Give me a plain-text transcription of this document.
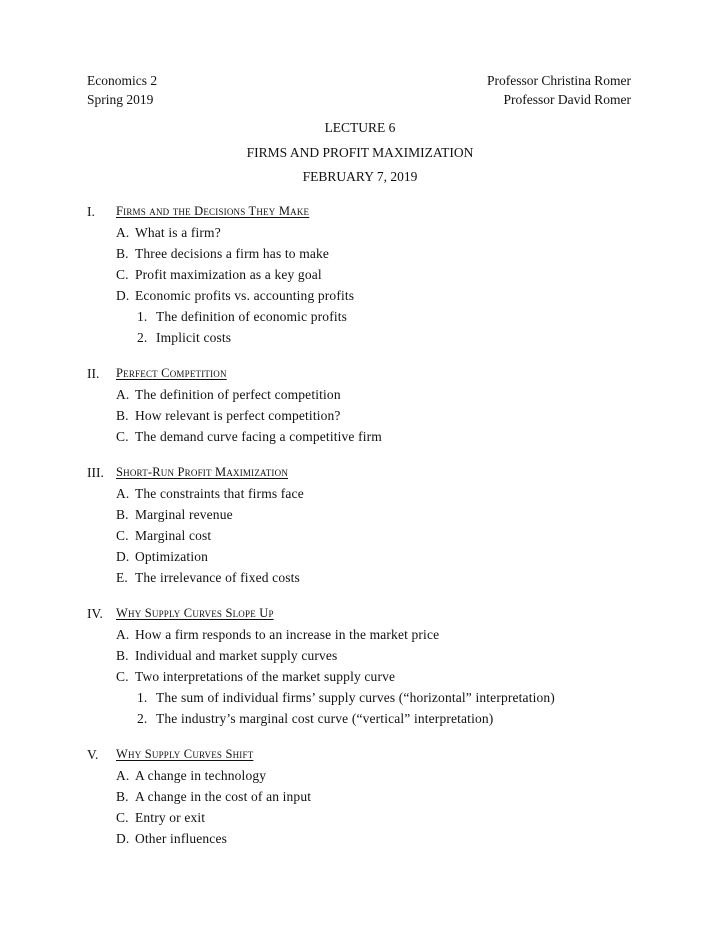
Economics 2	Professor Christina Romer
Spring 2019	Professor David Romer
LECTURE 6
FIRMS AND PROFIT MAXIMIZATION
FEBRUARY 7, 2019
I. Firms and the Decisions They Make
A. What is a firm?
B. Three decisions a firm has to make
C. Profit maximization as a key goal
D. Economic profits vs. accounting profits
1. The definition of economic profits
2. Implicit costs
II. Perfect Competition
A. The definition of perfect competition
B. How relevant is perfect competition?
C. The demand curve facing a competitive firm
III. Short-Run Profit Maximization
A. The constraints that firms face
B. Marginal revenue
C. Marginal cost
D. Optimization
E. The irrelevance of fixed costs
IV. Why Supply Curves Slope Up
A. How a firm responds to an increase in the market price
B. Individual and market supply curves
C. Two interpretations of the market supply curve
1. The sum of individual firms’ supply curves (“horizontal” interpretation)
2. The industry’s marginal cost curve (“vertical” interpretation)
V. Why Supply Curves Shift
A. A change in technology
B. A change in the cost of an input
C. Entry or exit
D. Other influences
